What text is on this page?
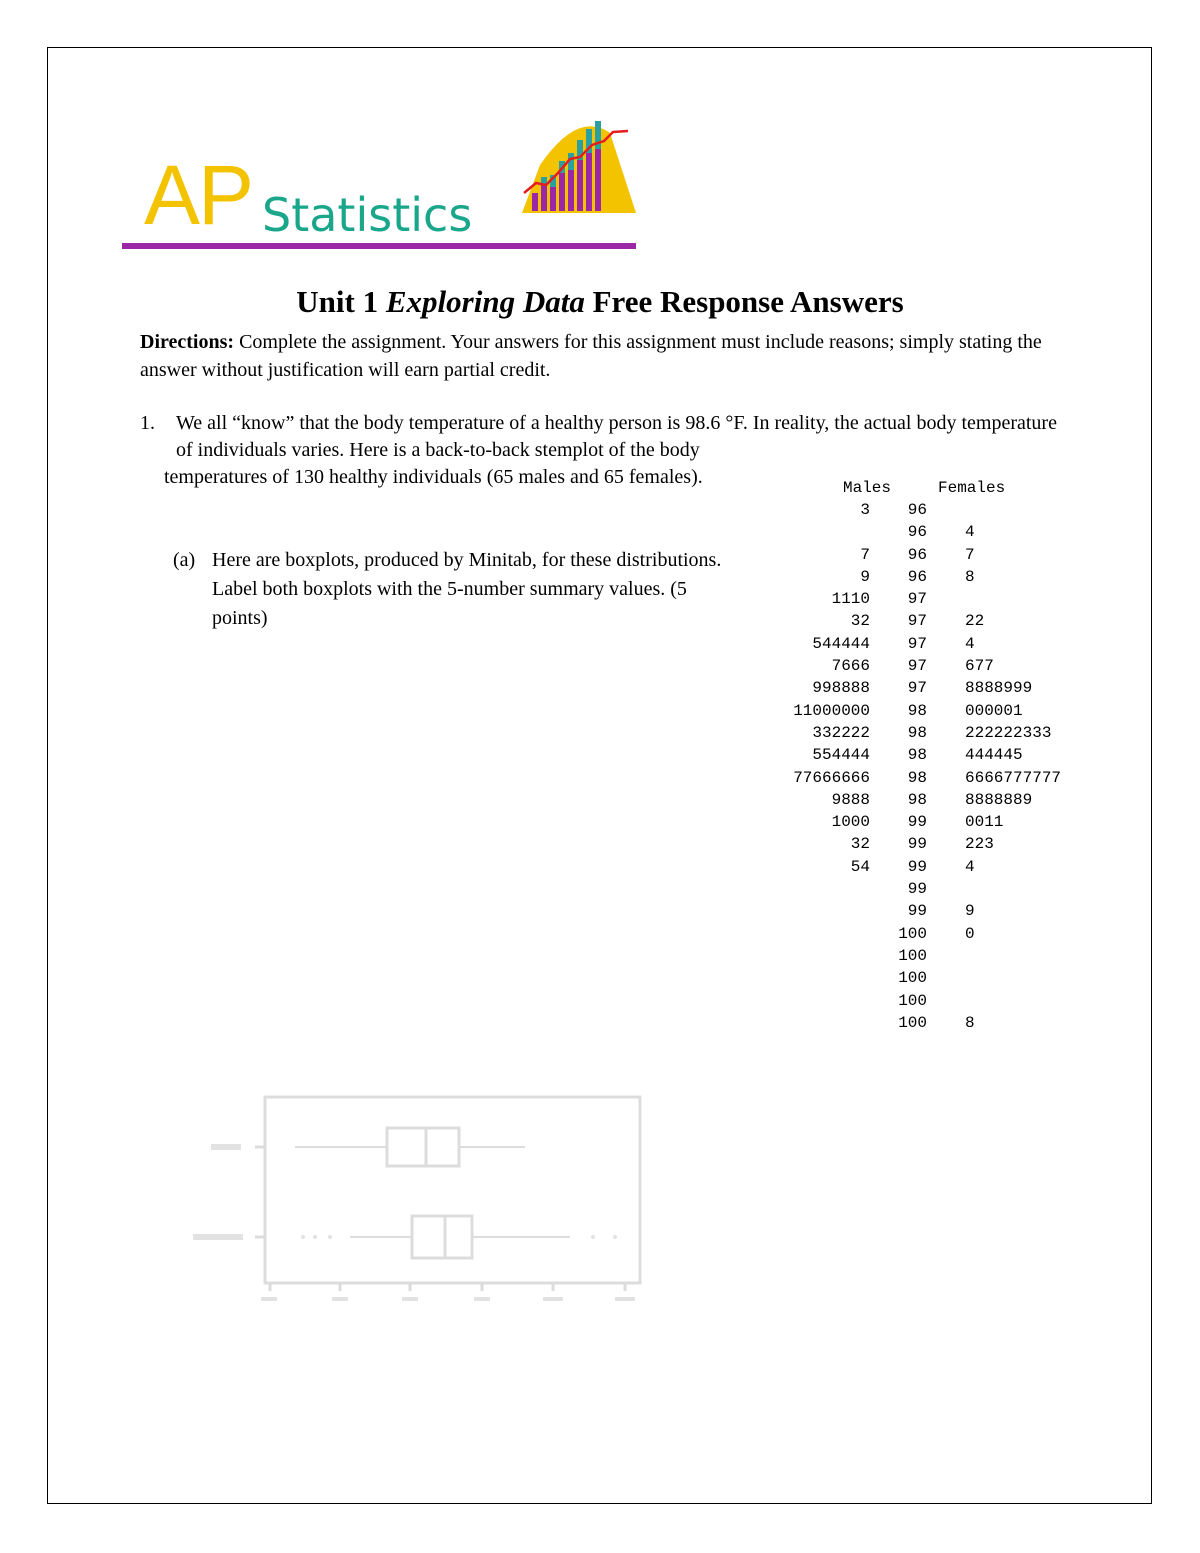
AP Statistics
Unit 1 Exploring Data Free Response Answers
Directions: Complete the assignment. Your answers for this assignment must include reasons; simply stating the answer without justification will earn partial credit.
1. We all “know” that the body temperature of a healthy person is 98.6 °F. In reality, the actual body temperature of individuals varies. Here is a back-to-back stemplot of the body
temperatures of 130 healthy individuals (65 males and 65 females).
(a) Here are boxplots, produced by Minitab, for these distributions. Label both boxplots with the 5-number summary values. (5 points)
Males	Females
3 96
96 4
7 96 7
9 96 8
1110 97
32 97 22
544444 97 4
7666 97 677
998888 97 8888999
11000000 98 000001
332222 98 222222333
554444 98 444445
77666666 98 6666777777
9888 98 8888889
1000 99 0011
32 99 223
54 99 4
99
99 9
100 0
100
100
100
100 8
